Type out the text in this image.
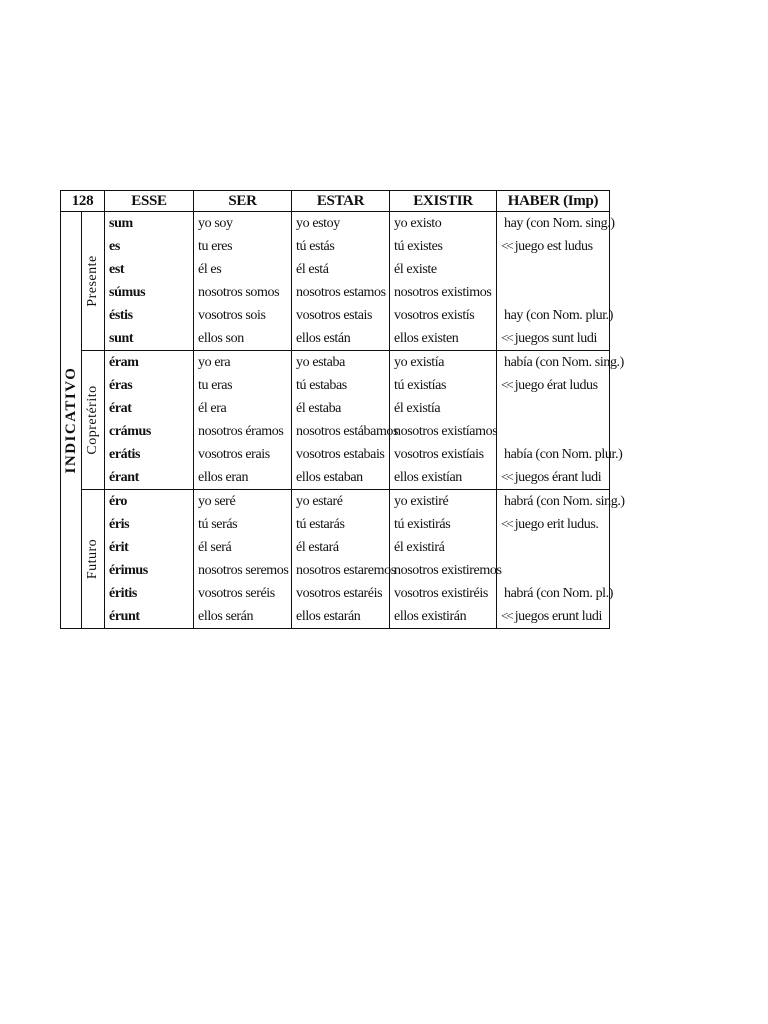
128		ESSE	SER	ESTAR	EXISTIR	HABER (Imp)

INDICATIVO	Presente	sum	yo soy	yo estoy	yo existo	hay (con Nom. sing.)
		es	tu eres	tú estás	tú existes	<< juego est ludus
		est	él es	él está	él existe	
		súmus	nosotros somos	nosotros estamos	nosotros existimos	
		éstis	vosotros sois	vosotros estais	vosotros existís	hay (con Nom. plur.)
		sunt	ellos son	ellos están	ellos existen	<< juegos sunt ludi

	Copretérito	éram	yo era	yo estaba	yo existía	había (con Nom. sing.)
		éras	tu eras	tú estabas	tú existías	<< juego érat ludus
		érat	él era	él estaba	él existía	
		crámus	nosotros éramos	nosotros estábamos	nosotros existíamos	
		erátis	vosotros erais	vosotros estabais	vosotros existíais	había (con Nom. plur.)
		érant	ellos eran	ellos estaban	ellos existían	<< juegos érant ludi

	Futuro	éro	yo seré	yo estaré	yo existiré	habrá (con Nom. sing.)
		éris	tú serás	tú estarás	tú existirás	<< juego erit ludus.
		érit	él será	él estará	él existirá	
		érimus	nosotros seremos	nosotros estaremos	nosotros existiremos	
		éritis	vosotros seréis	vosotros estaréis	vosotros existiréis	habrá (con Nom. pl.)
		érunt	ellos serán	ellos estarán	ellos existirán	<< juegos erunt ludi
